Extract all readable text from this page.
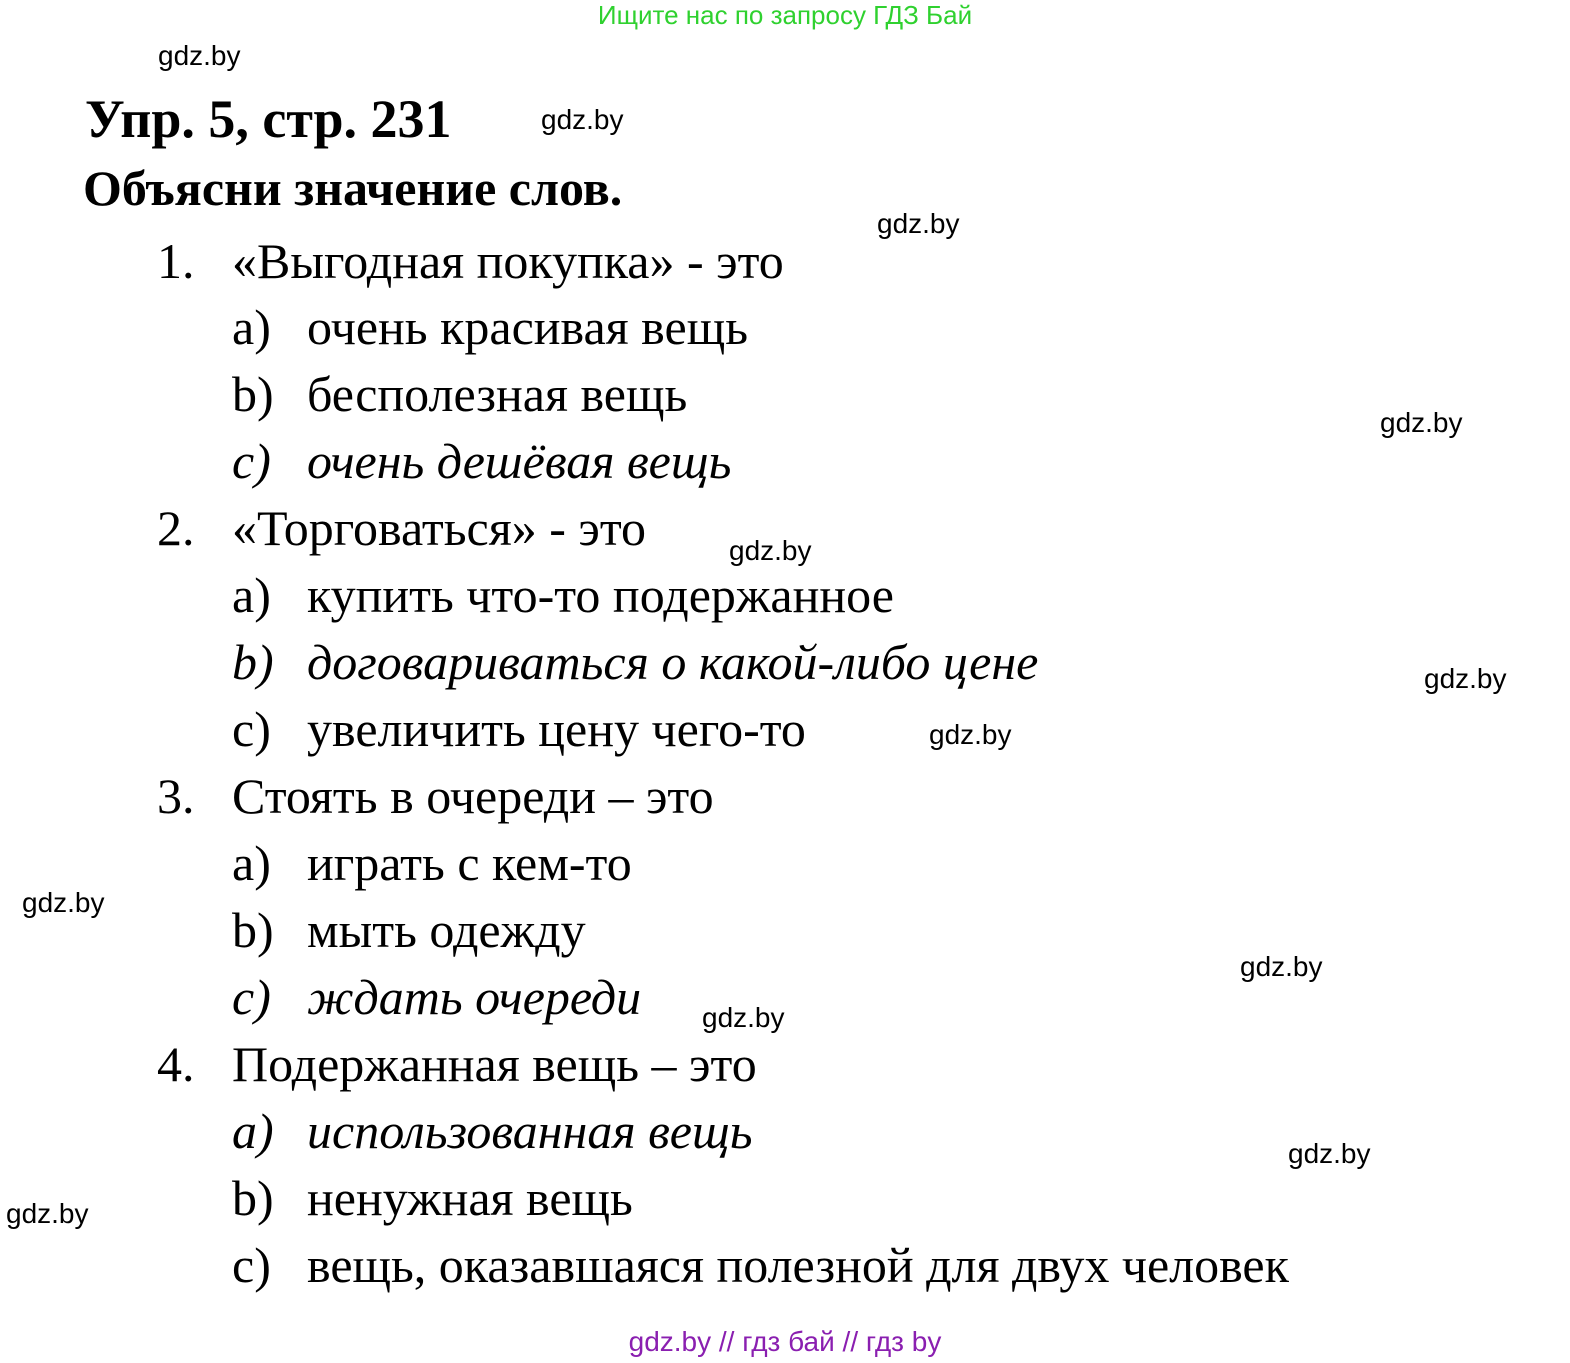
Ищите нас по запросу ГДЗ Бай
gdz.by
gdz.by
gdz.by
gdz.by
gdz.by
gdz.by
gdz.by
gdz.by
gdz.by
gdz.by
gdz.by
gdz.by
Упр. 5, стр. 231
Объясни значение слов.
1. «Выгодная покупка» - это
a) очень красивая вещь
b) бесполезная вещь
c) очень дешёвая вещь
2. «Торговаться» - это
a) купить что-то подержанное
b) договариваться о какой-либо цене
c) увеличить цену чего-то
3. Стоять в очереди – это
a) играть с кем-то
b) мыть одежду
c) ждать очереди
4. Подержанная вещь – это
a) использованная вещь
b) ненужная вещь
c) вещь, оказавшаяся полезной для двух человек
gdz.by // гдз бай // гдз by
